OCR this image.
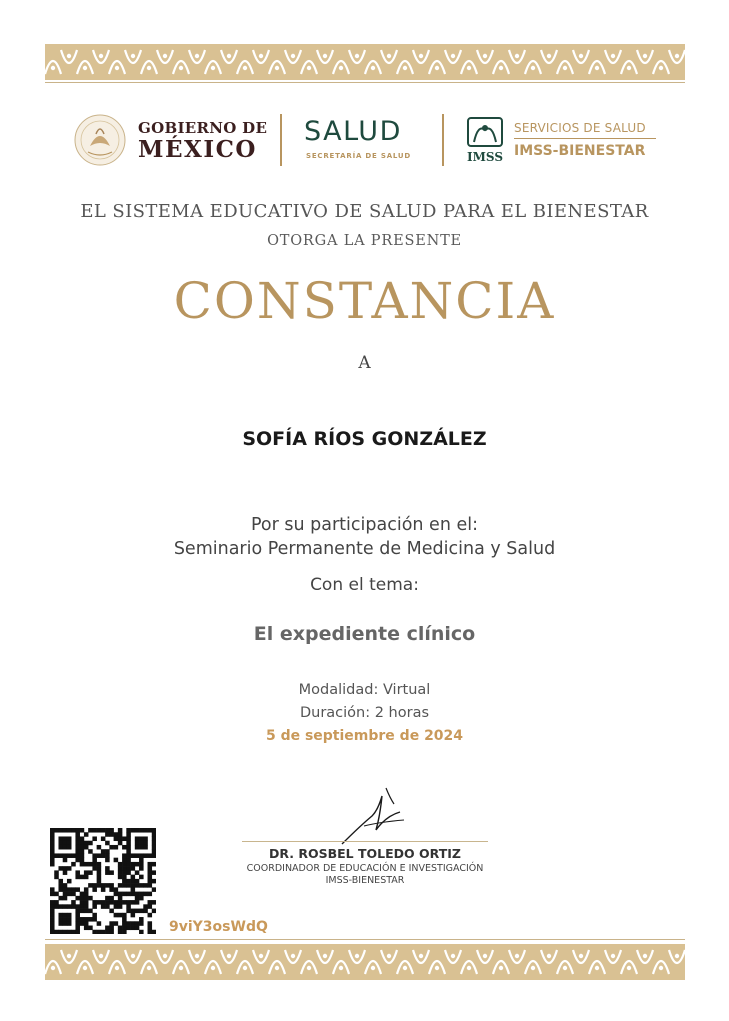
GOBIERNO DE
MÉXICO
SALUD
SECRETARÍA DE SALUD	IMSS
SERVICIOS DE SALUD
IMSS-BIENESTAR
EL SISTEMA EDUCATIVO DE SALUD PARA EL BIENESTAR
OTORGA LA PRESENTE
CONSTANCIA
A
SOFÍA RÍOS GONZÁLEZ
Por su participación en el:
Seminario Permanente de Medicina y Salud
Con el tema:
El expediente clínico
Modalidad: Virtual
Duración: 2 horas
5 de septiembre de 2024
DR. ROSBEL TOLEDO ORTIZ
COORDINADOR DE EDUCACIÓN E INVESTIGACIÓN
IMSS-BIENESTAR
9viY3osWdQ
